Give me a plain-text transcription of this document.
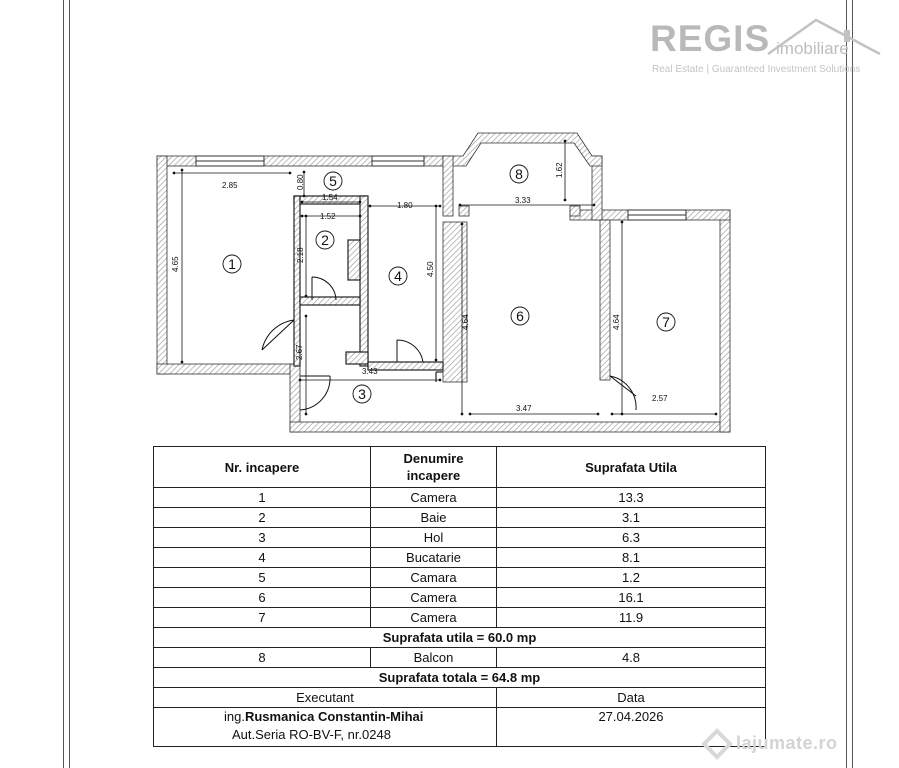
2.85
4.65
0.80
1.54
1.52
2.18
2.67
1.80
4.50
3.43
1.62
3.33
4.64
3.47
4.64
2.57
1
2
3
4
5
6	7
8
REGIS imobiliare
Real Estate | Guaranteed Investment Solutions
Nr. incapere	Denumire incapere	Suprafata Utila
1	Camera	13.3
2	Baie	3.1
3	Hol	6.3
4	Bucatarie	8.1
5	Camara	1.2
6	Camera	16.1
7	Camera	11.9
Suprafata utila = 60.0 mp		
8	Balcon	4.8
Suprafata totala = 64.8 mp		
Executant		Data
ing.Rusmanica Constantin-Mihai
Aut.Seria RO-BV-F, nr.0248		27.04.2026
lajumate.ro
